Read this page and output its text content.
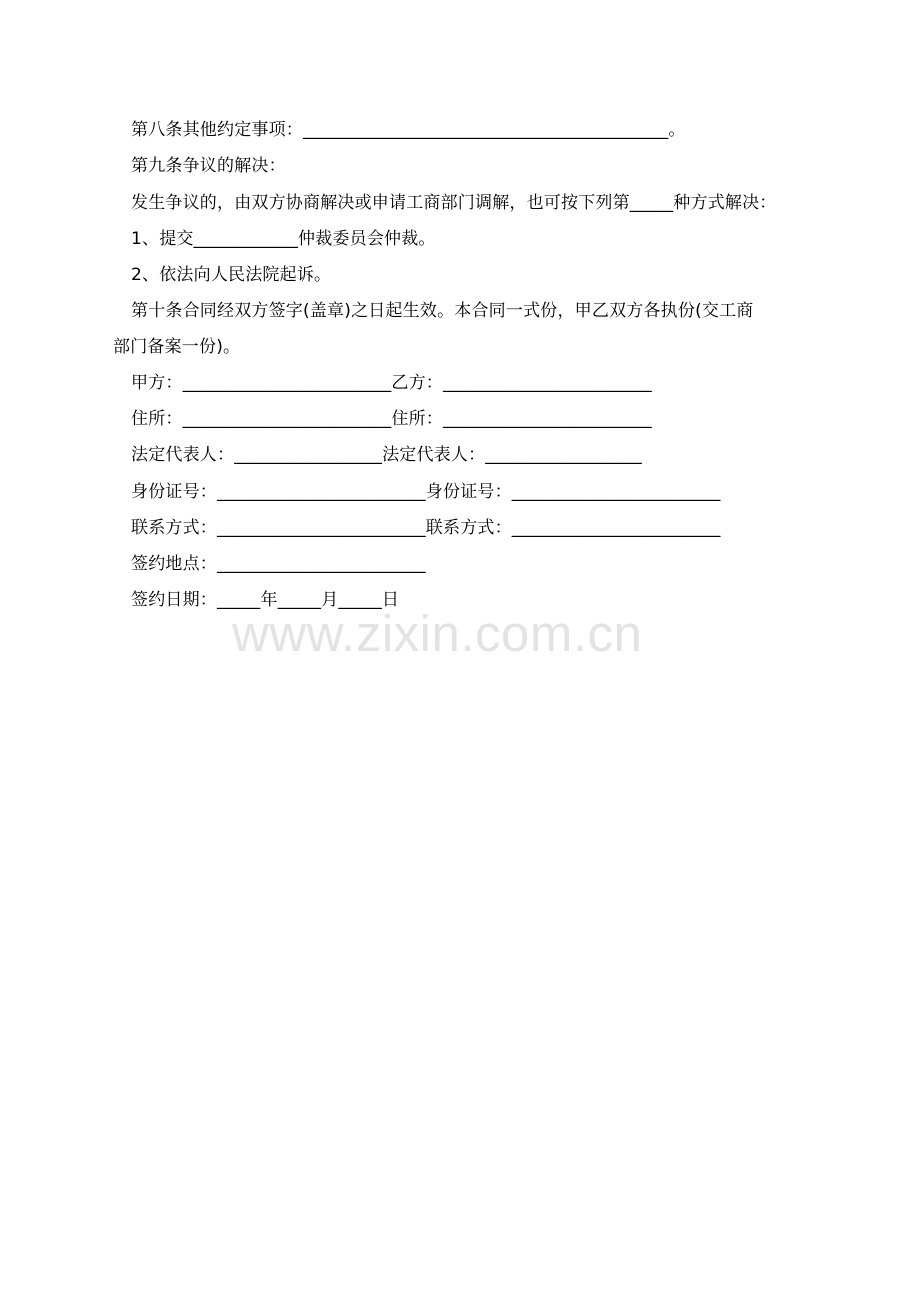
第八条其他约定事项：__________________________________________。
第九条争议的解决：
发生争议的，由双方协商解决或申请工商部门调解，也可按下列第_____种方式解决：
1、提交____________仲裁委员会仲裁。
2、依法向人民法院起诉。
第十条合同经双方签字(盖章)之日起生效。本合同一式份，甲乙双方各执份(交工商
部门备案一份)。
甲方：________________________乙方：________________________
住所：________________________住所：________________________
法定代表人：_________________法定代表人：__________________
身份证号：________________________身份证号：________________________
联系方式：________________________联系方式：________________________
签约地点：________________________
签约日期：_____年_____月_____日
www.zixin.com.cn
